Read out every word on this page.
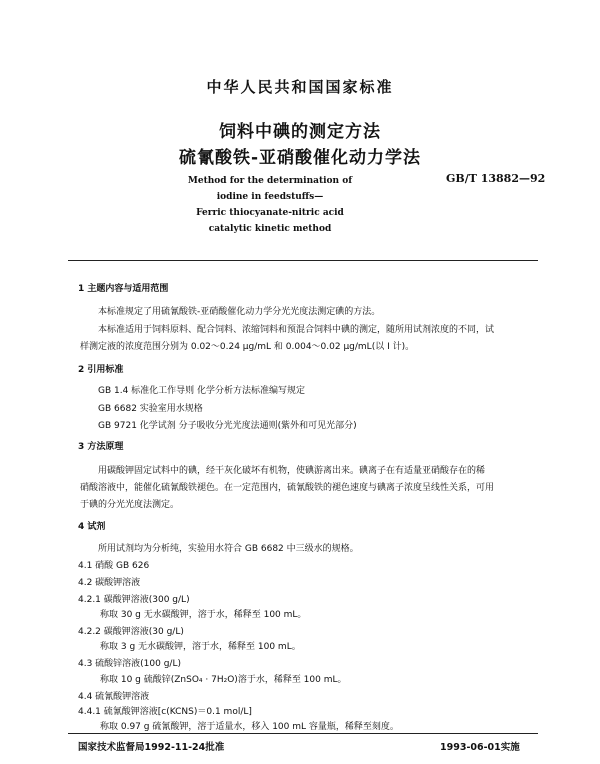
中华人民共和国国家标准
饲料中碘的测定方法
硫氰酸铁-亚硝酸催化动力学法
Method for the determination of
iodine in feedstuffs—
Ferric thiocyanate-nitric acid
catalytic kinetic method
GB/T 13882—92
1 主题内容与适用范围
本标准规定了用硫氰酸铁-亚硝酸催化动力学分光光度法测定碘的方法。
本标准适用于饲料原料、配合饲料、浓缩饲料和预混合饲料中碘的测定，随所用试剂浓度的不同，试
样测定液的浓度范围分别为 0.02～0.24 μg/mL 和 0.004～0.02 μg/mL(以 I 计)。
2 引用标准
GB 1.4 标准化工作导则 化学分析方法标准编写规定
GB 6682 实验室用水规格
GB 9721 化学试剂 分子吸收分光光度法通则(紫外和可见光部分)
3 方法原理
用碳酸钾固定试料中的碘，经干灰化破坏有机物，使碘游离出来。碘离子在有适量亚硝酸存在的稀
硝酸溶液中，能催化硫氰酸铁褪色。在一定范围内，硫氰酸铁的褪色速度与碘离子浓度呈线性关系，可用
于碘的分光光度法测定。
4 试剂
所用试剂均为分析纯，实验用水符合 GB 6682 中三级水的规格。
4.1 硝酸 GB 626
4.2 碳酸钾溶液
4.2.1 碳酸钾溶液(300 g/L)
称取 30 g 无水碳酸钾，溶于水，稀释至 100 mL。
4.2.2 碳酸钾溶液(30 g/L)
称取 3 g 无水碳酸钾，溶于水，稀释至 100 mL。
4.3 硫酸锌溶液(100 g/L)
称取 10 g 硫酸锌(ZnSO₄ · 7H₂O)溶于水，稀释至 100 mL。
4.4 硫氰酸钾溶液
4.4.1 硫氰酸钾溶液[c(KCNS)＝0.1 mol/L]
称取 0.97 g 硫氰酸钾，溶于适量水，移入 100 mL 容量瓶，稀释至刻度。
国家技术监督局1992-11-24批准	1993-06-01实施
